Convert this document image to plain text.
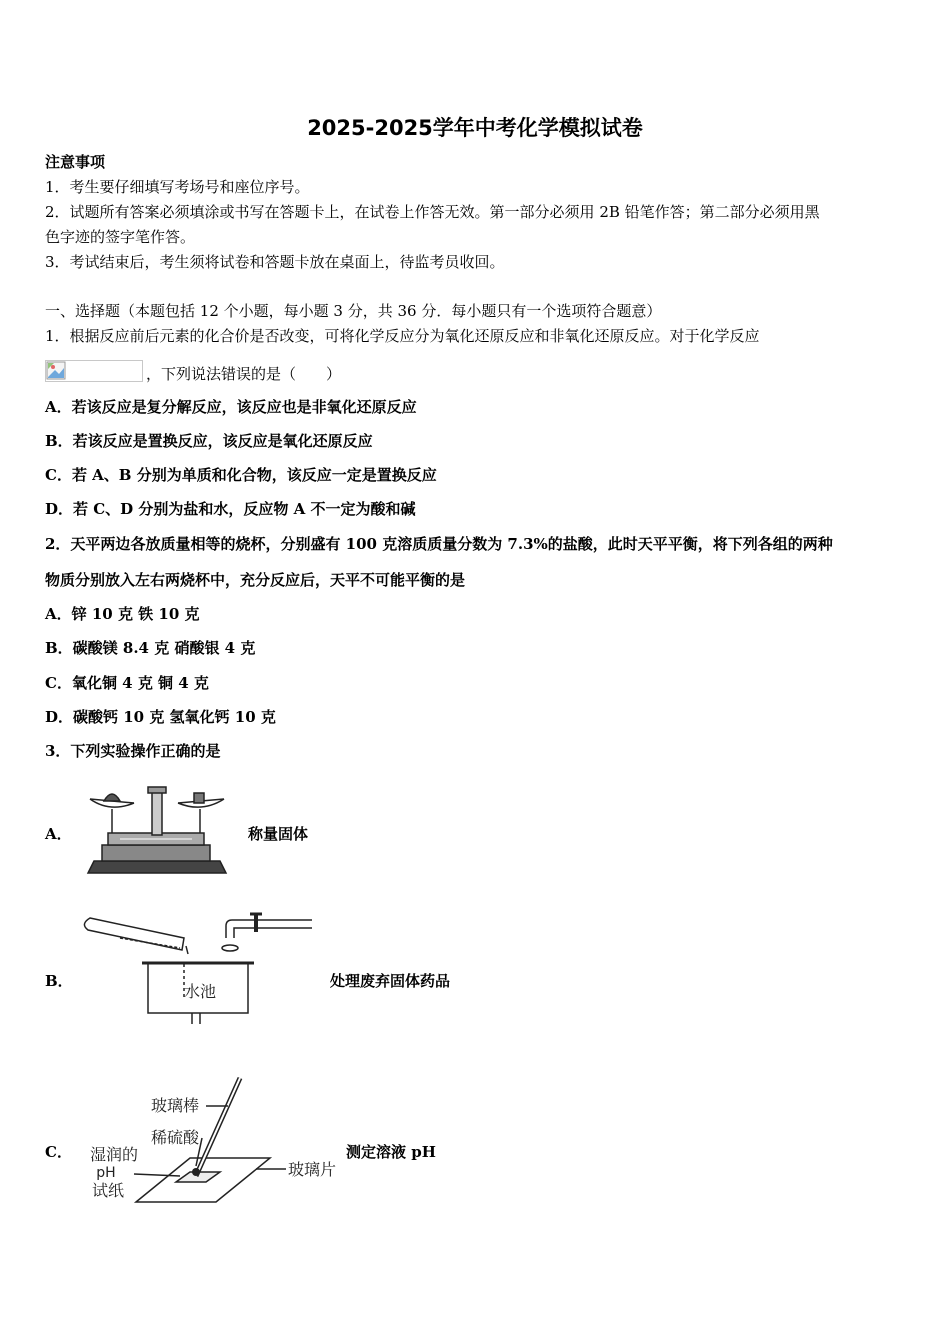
2025-2025学年中考化学模拟试卷
注意事项
1．考生要仔细填写考场号和座位序号。
2．试题所有答案必须填涂或书写在答题卡上，在试卷上作答无效。第一部分必须用 2B 铅笔作答；第二部分必须用黑
色字迹的签字笔作答。
3．考试结束后，考生须将试卷和答题卡放在桌面上，待监考员收回。
一、选择题（本题包括 12 个小题，每小题 3 分，共 36 分．每小题只有一个选项符合题意）
1．根据反应前后元素的化合价是否改变，可将化学反应分为氧化还原反应和非氧化还原反应。对于化学反应
，下列说法错误的是（　　）
A．若该反应是复分解反应，该反应也是非氧化还原反应
B．若该反应是置换反应，该反应是氧化还原反应
C．若 A、B 分别为单质和化合物，该反应一定是置换反应
D．若 C、D 分别为盐和水，反应物 A 不一定为酸和碱
2．天平两边各放质量相等的烧杯，分别盛有 100 克溶质质量分数为 7.3%的盐酸，此时天平平衡，将下列各组的两种
物质分别放入左右两烧杯中，充分反应后，天平不可能平衡的是
A．锌 10 克 铁 10 克
B．碳酸镁 8.4 克 硝酸银 4 克
C．氧化铜 4 克 铜 4 克
D．碳酸钙 10 克 氢氧化钙 10 克
3．下列实验操作正确的是
A．	称量固体
B．
水池
处理废弃固体药品
C．
玻璃棒
稀硫酸
湿润的
pH
试纸
玻璃片
测定溶液 pH
